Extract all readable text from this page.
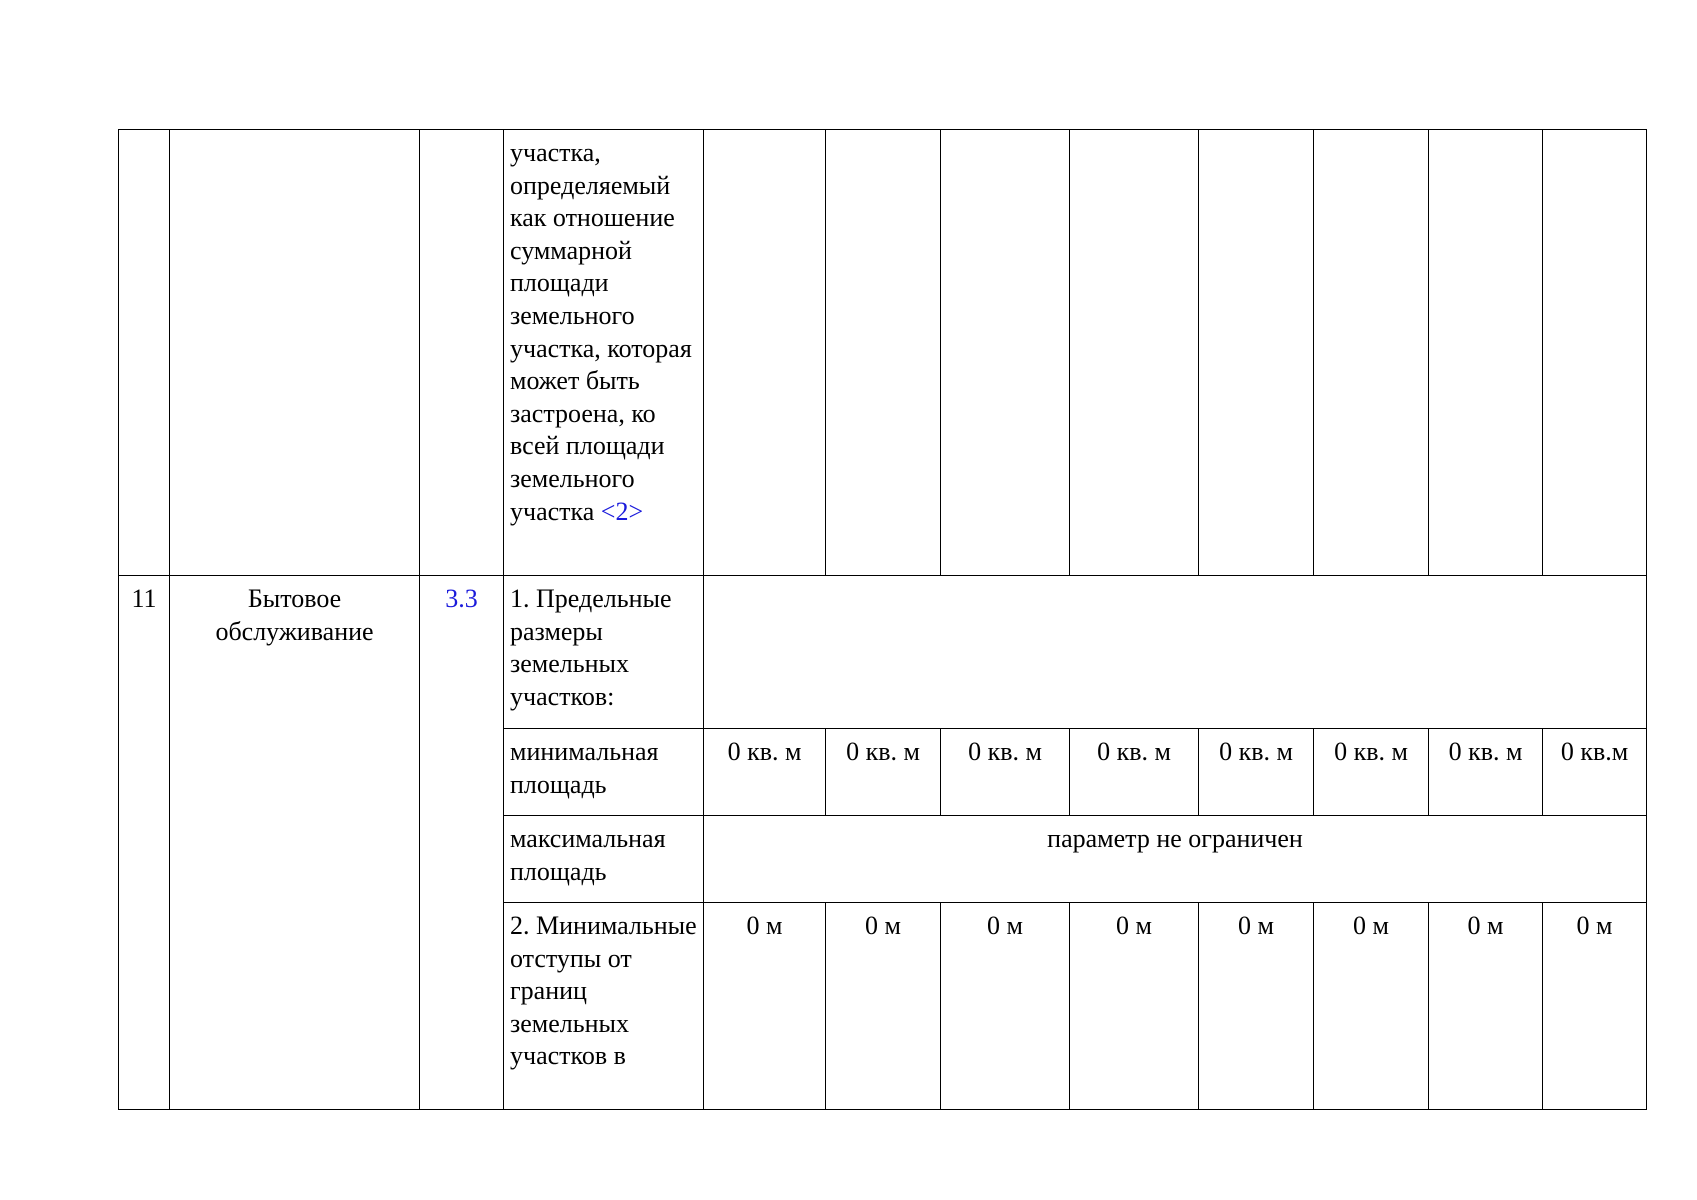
			участка, определяемый как отношение суммарной площади земельного участка, которая может быть застроена, ко всей площади земельного участка <2>								
11	Бытовое обслуживание	3.3	1. Предельные размеры земельных участков:								
			минимальная площадь	0 кв. м	0 кв. м	0 кв. м	0 кв. м	0 кв. м	0 кв. м	0 кв. м	0 кв.м
			максимальная площадь	параметр не ограничен							
			2. Минимальные отступы от границ земельных участков в	0 м	0 м	0 м	0 м	0 м	0 м	0 м	0 м
